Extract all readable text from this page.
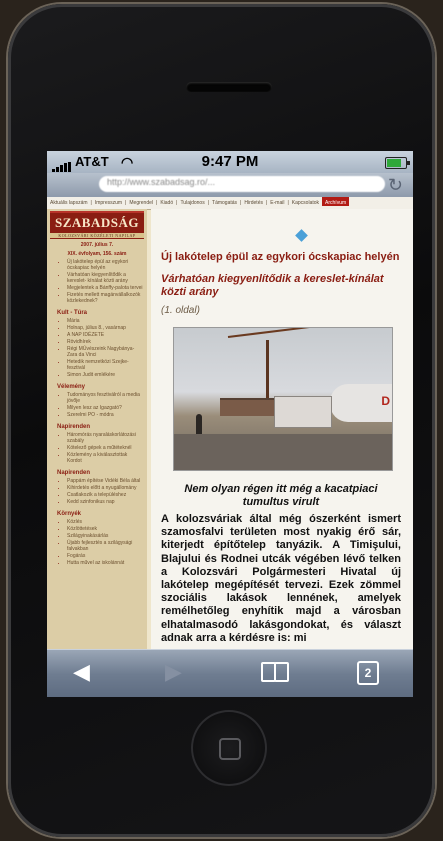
AT&T ◠	9:47 PM
http://www.szabadsag.ro/...	↻
Aktuális lapszám | Impresszum | Megrendel | Kiadó | Tulajdonos | Támogatás | Hirdetés | E-mail | Kapcsolatok Archívum
SZABADSÁG
KOLOZSVÁRI KÖZÉLETI NAPILAP
2007. július 7.
XIX. évfolyam, 156. szám
• Új lakótelep épül az egykori ócskapiac helyén
• Várhatóan kiegyenlítődik a kereslet- kínálat közti arány
• Megjelentek a Bánffy-palota tervei
• Fizetés mellett magánvállalkozók közlekednek?
Kult - Túra
• Mária
• Holnap, július 8., vasárnap
• A NAP IDÉZETE
• Rövidhírek
• Régi MÚvészeink Nagybánya-Zara da Vinci
• Hetedik nemzetközi Szejke-fesztivál
• Simon Judit emlékére
Vélemény
• Tudományos fesztiválról a media jövője
• Milyen lesz az Igazgató?
• Szerelmi PO - módra
Napirenden
• Háromórás nyaraláskorlátozási szabály
• Kötelező gépek a műtéteknél
• Közlemény a kiválasztottak Kordot
Napirenden
• Pappám építése Vidéki Béla által
• Kihirdetés előtt a nyugállomány
• Csatlakozik a településhez
• Kedd szinfonikus nap
Környék
• Közlés
• Közlöttetések
• Szilágyinakásárlás
• Újabb fejlesztés a szilágysági falvakban
• Fogárás
• Hutta művel az iskolánnát
Új lakótelep épül az egykori ócskapiac helyén
Várhatóan kiegyenlítődik a kereslet-kínálat közti arány
(1. oldal)
D
Nem olyan régen itt még a kacatpiaci tumultus virult
A kolozsváriak által még ószerként ismert szamosfalvi területen most nyakig érő sár, kiterjedt építőtelep tanyázik. A Timişului, Blajului és Rodnei utcák végében lévő telken a Kolozsvári Polgármesteri Hivatal új lakótelep megépítését tervezi. Ezek zömmel szociális lakások lennének, amelyek remélhetőleg enyhítik majd a városban elhatalmasodó lakásgondokat, és választ adnak arra a kérdésre is: mi
◀	▶	2
